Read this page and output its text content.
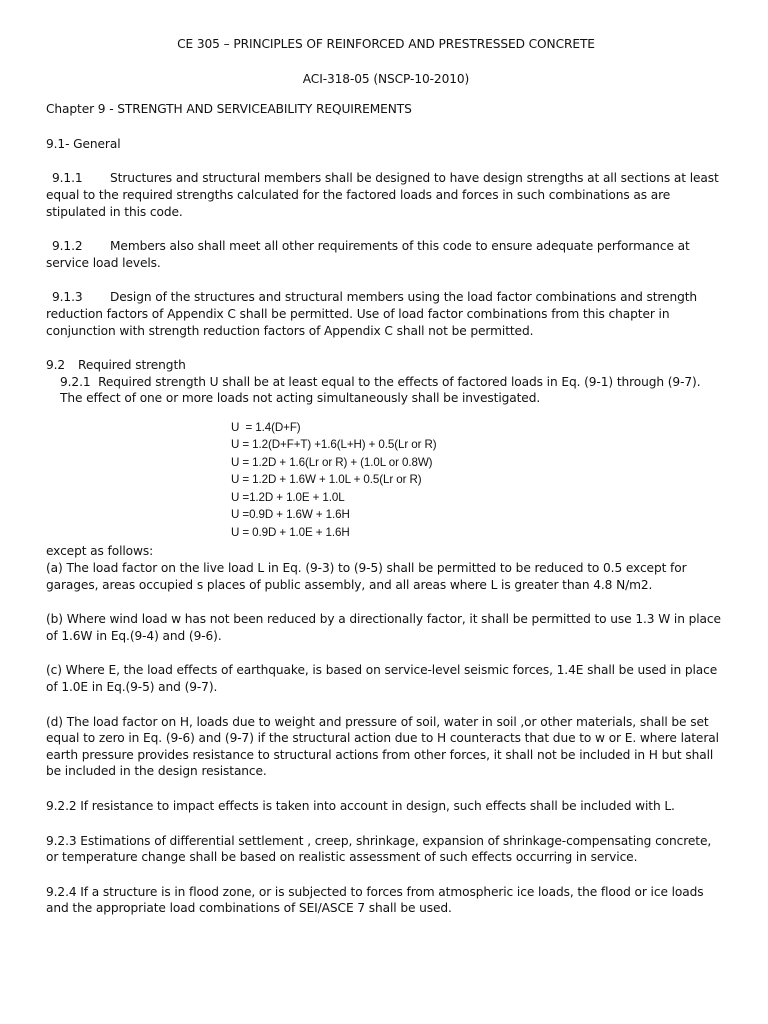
CE 305 – PRINCIPLES OF REINFORCED AND PRESTRESSED CONCRETE

ACI-318-05 (NSCP-10-2010)

Chapter 9 - STRENGTH AND SERVICEABILITY REQUIREMENTS

9.1- General

9.1.1 Structures and structural members shall be designed to have design strengths at all sections at least equal to the required strengths calculated for the factored loads and forces in such combinations as are stipulated in this code.
9.1.2 Members also shall meet all other requirements of this code to ensure adequate performance at service load levels.
9.1.3 Design of the structures and structural members using the load factor combinations and strength reduction factors of Appendix C shall be permitted. Use of load factor combinations from this chapter in conjunction with strength reduction factors of Appendix C shall not be permitted.
9.2 Required strength

9.2.1 Required strength U shall be at least equal to the effects of factored loads in Eq. (9-1) through (9-7). The effect of one or more loads not acting simultaneously shall be investigated.

U  = 1.4(D+F)
U = 1.2(D+F+T) +1.6(L+H) + 0.5(Lr or R)
U = 1.2D + 1.6(Lr or R) + (1.0L or 0.8W)
U = 1.2D + 1.6W + 1.0L + 0.5(Lr or R)
U =1.2D + 1.0E + 1.0L
U =0.9D + 1.6W + 1.6H
U = 0.9D + 1.0E + 1.6H

except as follows:

(a) The load factor on the live load L in Eq. (9-3) to (9-5) shall be permitted to be reduced to 0.5 except for garages, areas occupied s places of public assembly, and all areas where L is greater than 4.8 N/m2.

(b) Where wind load w has not been reduced by a directionally factor, it shall be permitted to use 1.3 W in place of 1.6W in Eq.(9-4) and (9-6).

(c) Where E, the load effects of earthquake, is based on service-level seismic forces, 1.4E shall be used in place of 1.0E in Eq.(9-5) and (9-7).

(d) The load factor on H, loads due to weight and pressure of soil, water in soil ,or other materials, shall be set equal to zero in Eq. (9-6) and (9-7) if the structural action due to H counteracts that due to w or E. where lateral earth pressure provides resistance to structural actions from other forces, it shall not be included in H but shall be included in the design resistance.

9.2.2 If resistance to impact effects is taken into account in design, such effects shall be included with L.

9.2.3 Estimations of differential settlement , creep, shrinkage, expansion of shrinkage-compensating concrete, or temperature change shall be based on realistic assessment of such effects occurring in service.

9.2.4 If a structure is in flood zone, or is subjected to forces from atmospheric ice loads, the flood or ice loads and the appropriate load combinations of SEI/ASCE 7 shall be used.
